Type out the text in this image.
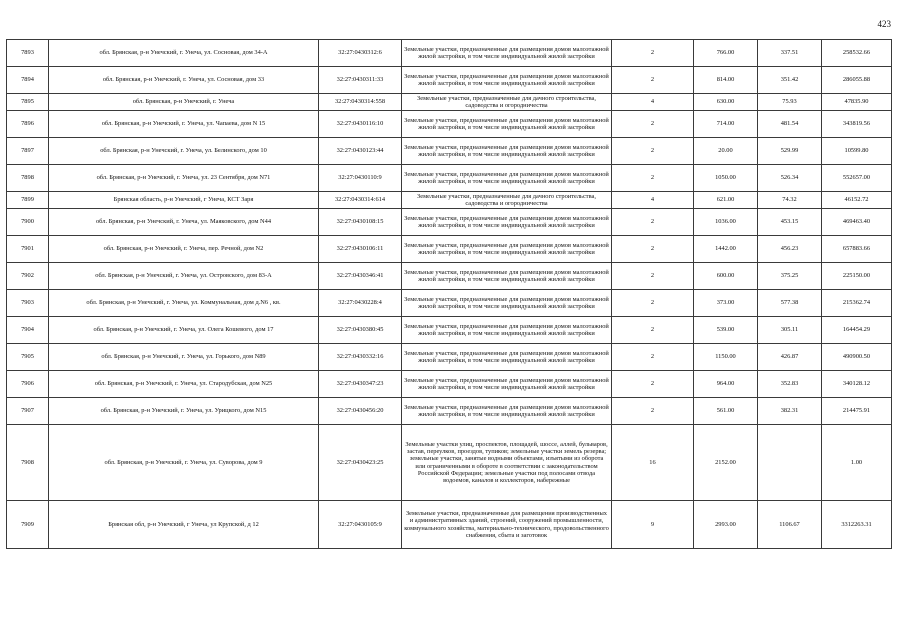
423
7893	обл. Брянская, р-н Унечский, г. Унеча, ул. Сосновая, дом 34-А	32:27:0430312:6	Земельные участки, предназначенные для размещения домов малоэтажной жилой застройки, в том числе индивидуальной жилой застройки	2	766.00	337.51	258532.66
7894	обл. Брянская, р-н Унечский, г. Унеча, ул. Сосновая, дом 33	32:27:0430311:33	Земельные участки, предназначенные для размещения домов малоэтажной жилой застройки, в том числе индивидуальной жилой застройки	2	814.00	351.42	286055.88
7895	обл. Брянская, р-н Унечский, г. Унеча	32:27:0430314:558	Земельные участки, предназначенные для дачного строительства, садоводства и огородничества	4	630.00	75.93	47835.90
7896	обл. Брянская, р-н Унечский, г. Унеча, ул. Чапаева, дом N 15	32:27:0430116:10	Земельные участки, предназначенные для размещения домов малоэтажной жилой застройки, в том числе индивидуальной жилой застройки	2	714.00	481.54	343819.56
7897	обл. Брянская, р-н Унечский, г. Унеча, ул. Белинского, дом 10	32:27:0430123:44	Земельные участки, предназначенные для размещения домов малоэтажной жилой застройки, в том числе индивидуальной жилой застройки	2	20.00	529.99	10599.80
7898	обл. Брянская, р-н Унечский, г. Унеча, ул. 23 Сентября, дом N71	32:27:0430110:9	Земельные участки, предназначенные для размещения домов малоэтажной жилой застройки, в том числе индивидуальной жилой застройки	2	1050.00	526.34	552657.00
7899	Брянская область, р-н Унечский, г Унеча, КСТ Заря	32:27:0430314:614	Земельные участки, предназначенные для дачного строительства, садоводства и огородничества	4	621.00	74.32	46152.72
7900	обл. Брянская, р-н Унечский, г. Унеча, ул. Маяковского, дом N44	32:27:0430108:15	Земельные участки, предназначенные для размещения домов малоэтажной жилой застройки, в том числе индивидуальной жилой застройки	2	1036.00	453.15	469463.40
7901	обл. Брянская, р-н Унечский, г. Унеча, пер. Речной, дом N2	32:27:0430106:11	Земельные участки, предназначенные для размещения домов малоэтажной жилой застройки, в том числе индивидуальной жилой застройки	2	1442.00	456.23	657883.66
7902	обл. Брянская, р-н Унечский, г. Унеча, ул. Островского, дом 83-А	32:27:0430346:41	Земельные участки, предназначенные для размещения домов малоэтажной жилой застройки, в том числе индивидуальной жилой застройки	2	600.00	375.25	225150.00
7903	обл. Брянская, р-н Унечский, г. Унеча, ул. Коммунальная, дом д.N6 , кв.	32:27:0430228:4	Земельные участки, предназначенные для размещения домов малоэтажной жилой застройки, в том числе индивидуальной жилой застройки	2	373.00	577.38	215362.74
7904	обл. Брянская, р-н Унечский, г. Унеча, ул. Олега Кошевого, дом 17	32:27:0430380:45	Земельные участки, предназначенные для размещения домов малоэтажной жилой застройки, в том числе индивидуальной жилой застройки	2	539.00	305.11	164454.29
7905	обл. Брянская, р-н Унечский, г. Унеча, ул. Горького, дом N89	32:27:0430332:16	Земельные участки, предназначенные для размещения домов малоэтажной жилой застройки, в том числе индивидуальной жилой застройки	2	1150.00	426.87	490900.50
7906	обл. Брянская, р-н Унечский, г. Унеча, ул. Стародубская, дом N25	32:27:0430347:23	Земельные участки, предназначенные для размещения домов малоэтажной жилой застройки, в том числе индивидуальной жилой застройки	2	964.00	352.83	340128.12
7907	обл. Брянская, р-н Унечский, г. Унеча, ул. Урицкого, дом N15	32:27:0430456:20	Земельные участки, предназначенные для размещения домов малоэтажной жилой застройки, в том числе индивидуальной жилой застройки	2	561.00	382.31	214475.91
7908	обл. Брянская, р-н Унечский, г. Унеча, ул. Суворова, дом 9	32:27:0430423:25	Земельные участки улиц, проспектов, площадей, шоссе, аллей, бульваров, застав, переулков, проездов, тупиков; земельные участки земель резерва; земельные участки, занятые водными объектами, изъятыми из оборота или ограниченными в обороте в соответствии с законодательством Российской Федерации; земельные участки под полосами отвода водоемов, каналов и коллекторов, набережные	16	2152.00		1.00
7909	Брянская обл, р-н Унечский, г Унеча, ул Крупской, д 12	32:27:0430105:9	Земельные участки, предназначенные для размещения производственных и административных зданий, строений, сооружений промышленности, коммунального хозяйства, материально-технического, продовольственного снабжения, сбыта и заготовок	9	2993.00	1106.67	3312263.31
